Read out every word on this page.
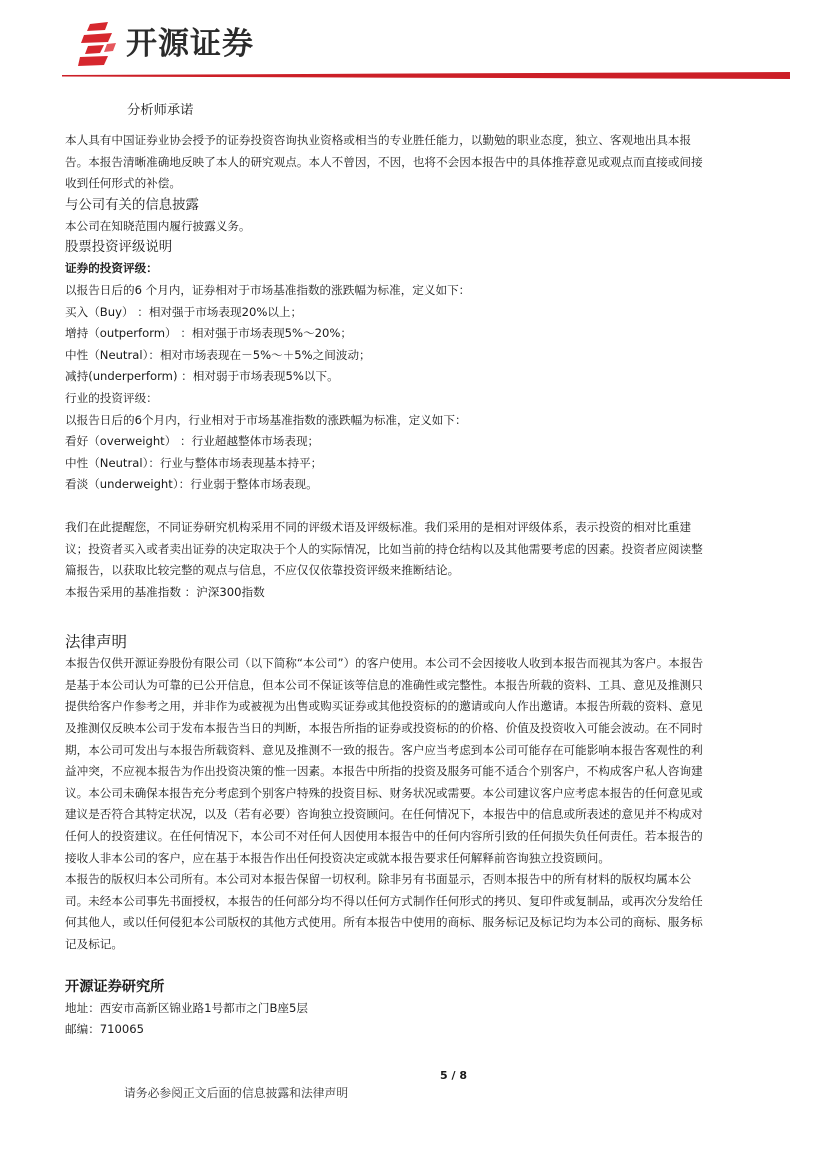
开源证券

分析师承诺

本人具有中国证券业协会授予的证券投资咨询执业资格或相当的专业胜任能力，以勤勉的职业态度，独立、客观地出具本报告。本报告清晰准确地反映了本人的研究观点。本人不曾因，不因，也将不会因本报告中的具体推荐意见或观点而直接或间接收到任何形式的补偿。

与公司有关的信息披露

本公司在知晓范围内履行披露义务。

股票投资评级说明

证券的投资评级：

以报告日后的6 个月内，证券相对于市场基准指数的涨跌幅为标准，定义如下：

买入（Buy） ：相对强于市场表现20%以上；

增持（outperform） ：相对强于市场表现5%～20%；

中性（Neutral）：相对市场表现在－5%～＋5%之间波动；

减持(underperform) ：相对弱于市场表现5%以下。

行业的投资评级：

以报告日后的6个月内，行业相对于市场基准指数的涨跌幅为标准，定义如下：

看好（overweight） ：行业超越整体市场表现；

中性（Neutral）：行业与整体市场表现基本持平；

看淡（underweight）：行业弱于整体市场表现。

我们在此提醒您，不同证券研究机构采用不同的评级术语及评级标准。我们采用的是相对评级体系，表示投资的相对比重建议；投资者买入或者卖出证券的决定取决于个人的实际情况，比如当前的持仓结构以及其他需要考虑的因素。投资者应阅读整篇报告，以获取比较完整的观点与信息，不应仅仅依靠投资评级来推断结论。

本报告采用的基准指数 ：沪深300指数

法律声明

本报告仅供开源证券股份有限公司（以下简称“本公司”）的客户使用。本公司不会因接收人收到本报告而视其为客户。本报告是基于本公司认为可靠的已公开信息，但本公司不保证该等信息的准确性或完整性。本报告所载的资料、工具、意见及推测只提供给客户作参考之用，并非作为或被视为出售或购买证券或其他投资标的的邀请或向人作出邀请。本报告所载的资料、意见及推测仅反映本公司于发布本报告当日的判断，本报告所指的证券或投资标的的价格、价值及投资收入可能会波动。在不同时期，本公司可发出与本报告所载资料、意见及推测不一致的报告。客户应当考虑到本公司可能存在可能影响本报告客观性的利益冲突，不应视本报告为作出投资决策的惟一因素。本报告中所指的投资及服务可能不适合个别客户，不构成客户私人咨询建议。本公司未确保本报告充分考虑到个别客户特殊的投资目标、财务状况或需要。本公司建议客户应考虑本报告的任何意见或建议是否符合其特定状况，以及（若有必要）咨询独立投资顾问。在任何情况下，本报告中的信息或所表述的意见并不构成对任何人的投资建议。在任何情况下，本公司不对任何人因使用本报告中的任何内容所引致的任何损失负任何责任。若本报告的接收人非本公司的客户，应在基于本报告作出任何投资决定或就本报告要求任何解释前咨询独立投资顾问。

本报告的版权归本公司所有。本公司对本报告保留一切权利。除非另有书面显示，否则本报告中的所有材料的版权均属本公司。未经本公司事先书面授权，本报告的任何部分均不得以任何方式制作任何形式的拷贝、复印件或复制品，或再次分发给任何其他人，或以任何侵犯本公司版权的其他方式使用。所有本报告中使用的商标、服务标记及标记均为本公司的商标、服务标记及标记。

开源证券研究所

地址：西安市高新区锦业路1号都市之门B座5层

邮编：710065

5 / 8
请务必参阅正文后面的信息披露和法律声明
